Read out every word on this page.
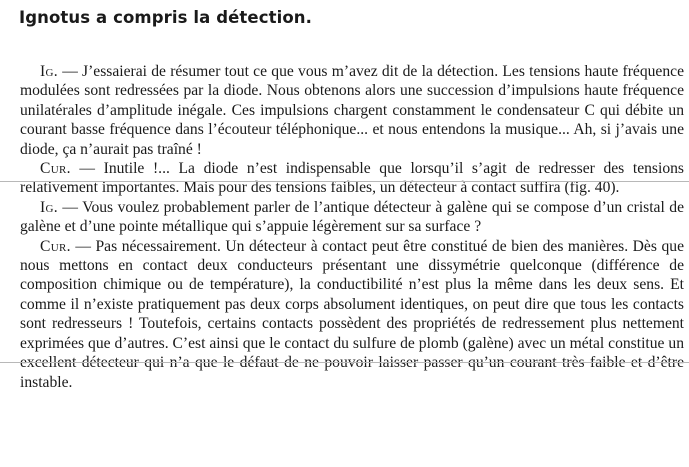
Ignotus a compris la détection.

Ig. — J’essaierai de résumer tout ce que vous m’avez dit de la détection. Les tensions haute fréquence modulées sont redressées par la diode. Nous obtenons alors une succession d’impulsions haute fréquence unilatérales d’amplitude inégale. Ces impulsions chargent constamment le condensateur C qui débite un courant basse fréquence dans l’écouteur téléphonique... et nous entendons la musique... Ah, si j’avais une diode, ça n’aurait pas traîné !

Cur. — Inutile !... La diode n’est indispensable que lorsqu’il s’agit de redresser des tensions relativement importantes. Mais pour des tensions faibles, un détecteur à contact suffira (fig. 40).

Ig. — Vous voulez probablement parler de l’antique détecteur à galène qui se compose d’un cristal de galène et d’une pointe métallique qui s’appuie légèrement sur sa surface ?

Cur. — Pas nécessairement. Un détecteur à contact peut être constitué de bien des manières. Dès que nous mettons en contact deux conducteurs présentant une dissymétrie quelconque (différence de composition chimique ou de température), la conductibilité n’est plus la même dans les deux sens. Et comme il n’existe pratiquement pas deux corps absolument identiques, on peut dire que tous les contacts sont redresseurs ! Toutefois, certains contacts possèdent des propriétés de redressement plus nettement exprimées que d’autres. C’est ainsi que le contact du sulfure de plomb (galène) avec un métal constitue un excellent détecteur qui n’a que le défaut de ne pouvoir laisser passer qu’un courant très faible et d’être instable.
